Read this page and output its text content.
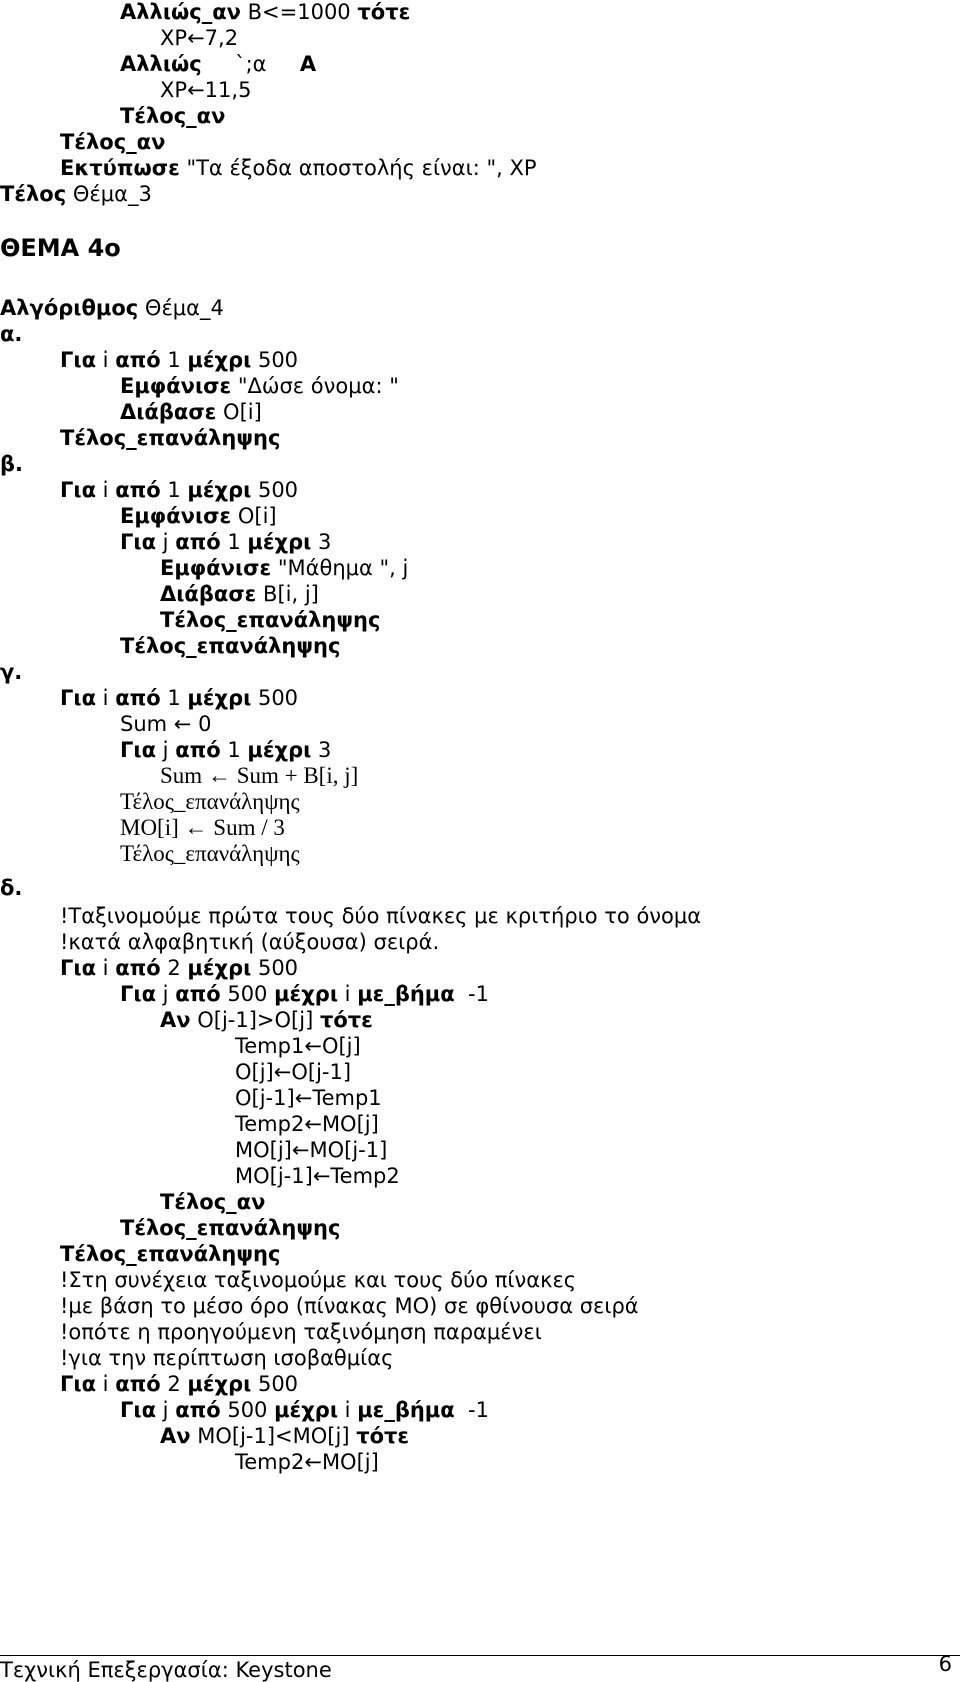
Αλλιώς_αν Β<=1000 τότε
ΧΡ←7,2
Αλλιώς     `;α     Α
ΧΡ←11,5
Τέλος_αν
Τέλος_αν
Εκτύπωσε "Τα έξοδα αποστολής είναι: ", ΧΡ
Τέλος Θέμα_3
ΘΕΜΑ 4ο
Αλγόριθμος Θέμα_4
α.
Για i από 1 μέχρι 500
Εμφάνισε "Δώσε όνομα: "
Διάβασε Ο[i]
Τέλος_επανάληψης
β.
Για i από 1 μέχρι 500
Εμφάνισε Ο[i]
Για j από 1 μέχρι 3
Εμφάνισε "Μάθημα ", j
Διάβασε Β[i, j]
Τέλος_επανάληψης
Τέλος_επανάληψης
γ.
Για i από 1 μέχρι 500
Sum ← 0
Για j από 1 μέχρι 3
Sum ← Sum + B[i, j]
Τέλος_επανάληψης
ΜΟ[i] ← Sum / 3
Τέλος_επανάληψης
δ.
!Ταξινομούμε πρώτα τους δύο πίνακες με κριτήριο το όνομα
!κατά αλφαβητική (αύξουσα) σειρά.
Για i από 2 μέχρι 500
Για j από 500 μέχρι i με_βήμα  -1
Αν Ο[j-1]>Ο[j] τότε
Temp1←Ο[j]
Ο[j]←Ο[j-1]
Ο[j-1]←Temp1
Temp2←ΜΟ[j]
ΜΟ[j]←ΜΟ[j-1]
ΜΟ[j-1]←Temp2
Τέλος_αν
Τέλος_επανάληψης
Τέλος_επανάληψης
!Στη συνέχεια ταξινομούμε και τους δύο πίνακες
!με βάση το μέσο όρο (πίνακας ΜΟ) σε φθίνουσα σειρά
!οπότε η προηγούμενη ταξινόμηση παραμένει
!για την περίπτωση ισοβαθμίας
Για i από 2 μέχρι 500
Για j από 500 μέχρι i με_βήμα  -1
Αν ΜΟ[j-1]<ΜΟ[j] τότε
Temp2←ΜΟ[j]
Τεχνική Επεξεργασία: Keystone	6
